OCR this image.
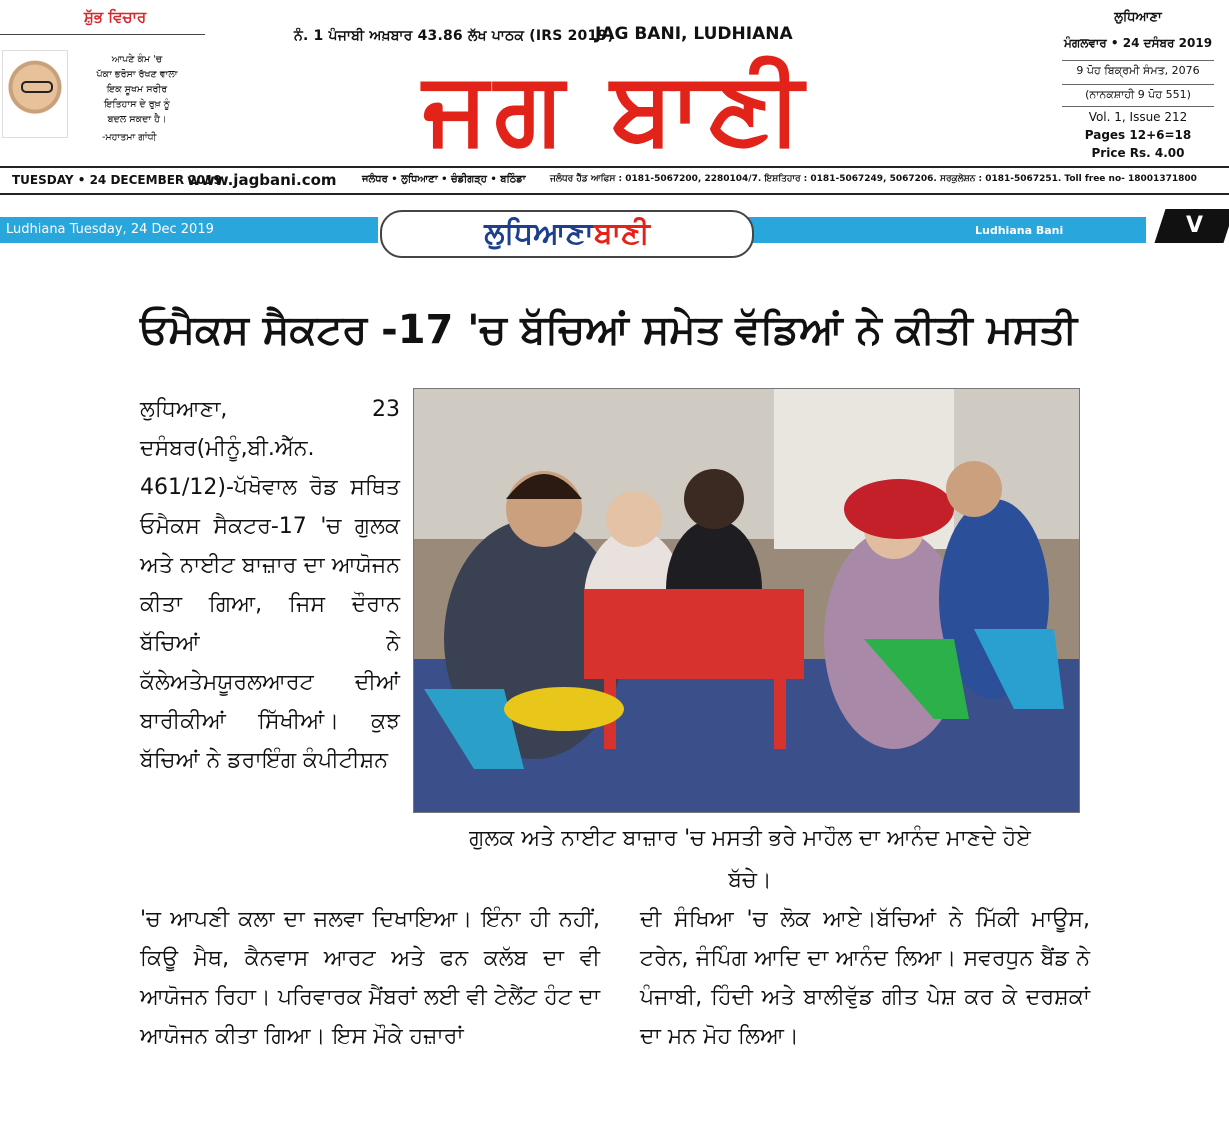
ਸ਼ੁੱਭ ਵਿਚਾਰ
ਆਪਣੇ ਕੰਮ 'ਚ
ਪੱਕਾ ਭਰੋਸਾ ਰੱਖਣ ਵਾਲਾ
ਇਕ ਸੂਖਮ ਸਰੀਰ
ਇਤਿਹਾਸ ਦੇ ਰੁਖ਼ ਨੂੰ
ਬਦਲ ਸਕਦਾ ਹੈ।
-ਮਹਾਤਮਾ ਗਾਂਧੀ
ਨੰ. 1 ਪੰਜਾਬੀ ਅਖ਼ਬਾਰ 43.86 ਲੱਖ ਪਾਠਕ (IRS 2019)
JAG BANI, LUDHIANA
ਜਗ ਬਾਣੀ
ਲੁਧਿਆਣਾ
ਮੰਗਲਵਾਰ • 24 ਦਸੰਬਰ 2019
9 ਪੋਹ ਬਿਕ੍ਰਮੀ ਸੰਮਤ, 2076
(ਨਾਨਕਸ਼ਾਹੀ 9 ਪੋਹ 551)
Vol. 1, Issue 212
Pages 12+6=18
Price Rs. 4.00
TUESDAY • 24 DECEMBER 2019
www.jagbani.com	ਜਲੰਧਰ • ਲੁਧਿਆਣਾ • ਚੰਡੀਗੜ੍ਹ • ਬਠਿੰਡਾ	ਜਲੰਧਰ ਹੈੱਡ ਆਫਿਸ : 0181-5067200, 2280104/7. ਇਸ਼ਤਿਹਾਰ : 0181-5067249, 5067206. ਸਰਕੁਲੇਸ਼ਨ : 0181-5067251. Toll free no- 18001371800
Ludhiana Tuesday, 24 Dec 2019	Ludhiana Bani
ਲੁਧਿਆਣਾਬਾਣੀ	V
ਓਮੈਕਸ ਸੈਕਟਰ -17 'ਚ ਬੱਚਿਆਂ ਸਮੇਤ ਵੱਡਿਆਂ ਨੇ ਕੀਤੀ ਮਸਤੀ
ਲੁਧਿਆਣਾ, 23 ਦਸੰਬਰ(ਮੀਨੂੰ,ਬੀ.ਐੱਨ. 461/12)-ਪੱਖੋਵਾਲ ਰੋਡ ਸਥਿਤ ਓਮੈਕਸ ਸੈਕਟਰ-17 'ਚ ਗੁਲਕ ਅਤੇ ਨਾਈਟ ਬਾਜ਼ਾਰ ਦਾ ਆਯੋਜਨ ਕੀਤਾ ਗਿਆ, ਜਿਸ ਦੌਰਾਨ ਬੱਚਿਆਂ ਨੇ ਕੱਲੇਅਤੇਮਯੂਰਲਆਰਟ ਦੀਆਂ ਬਾਰੀਕੀਆਂ ਸਿੱਖੀਆਂ। ਕੁਝ ਬੱਚਿਆਂ ਨੇ ਡਰਾਇੰਗ ਕੰਪੀਟੀਸ਼ਨ
ਗੁਲਕ ਅਤੇ ਨਾਈਟ ਬਾਜ਼ਾਰ 'ਚ ਮਸਤੀ ਭਰੇ ਮਾਹੌਲ ਦਾ ਆਨੰਦ ਮਾਣਦੇ ਹੋਏ ਬੱਚੇ।
'ਚ ਆਪਣੀ ਕਲਾ ਦਾ ਜਲਵਾ ਦਿਖਾਇਆ। ਇੰਨਾ ਹੀ ਨਹੀਂ, ਕਿਊ ਮੈਥ, ਕੈਨਵਾਸ ਆਰਟ ਅਤੇ ਫਨ ਕਲੱਬ ਦਾ ਵੀ ਆਯੋਜਨ ਰਿਹਾ। ਪਰਿਵਾਰਕ ਮੈਂਬਰਾਂ ਲਈ ਵੀ ਟੇਲੈਂਟ ਹੰਟ ਦਾ ਆਯੋਜਨ ਕੀਤਾ ਗਿਆ। ਇਸ ਮੌਕੇ ਹਜ਼ਾਰਾਂ
ਦੀ ਸੰਖਿਆ 'ਚ ਲੋਕ ਆਏ।ਬੱਚਿਆਂ ਨੇ ਮਿੱਕੀ ਮਾਊਸ, ਟਰੇਨ, ਜੰਪਿੰਗ ਆਦਿ ਦਾ ਆਨੰਦ ਲਿਆ। ਸਵਰਧੁਨ ਬੈਂਡ ਨੇ ਪੰਜਾਬੀ, ਹਿੰਦੀ ਅਤੇ ਬਾਲੀਵੁੱਡ ਗੀਤ ਪੇਸ਼ ਕਰ ਕੇ ਦਰਸ਼ਕਾਂ ਦਾ ਮਨ ਮੋਹ ਲਿਆ।
